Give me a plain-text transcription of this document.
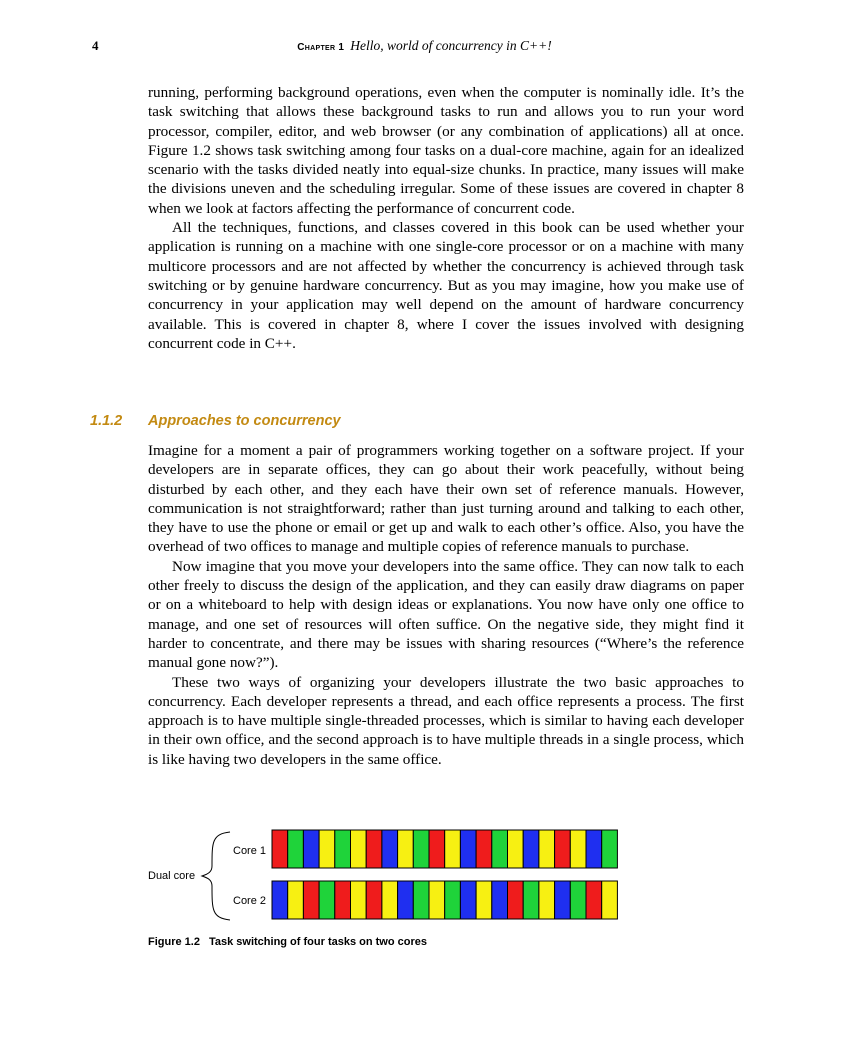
4	Chapter 1 Hello, world of concurrency in C++!

running, performing background operations, even when the computer is nominally idle. It’s the task switching that allows these background tasks to run and allows you to run your word processor, compiler, editor, and web browser (or any combination of applications) all at once. Figure 1.2 shows task switching among four tasks on a dual-core machine, again for an idealized scenario with the tasks divided neatly into equal-size chunks. In practice, many issues will make the divisions uneven and the scheduling irregular. Some of these issues are covered in chapter 8 when we look at factors affecting the performance of concurrent code.

All the techniques, functions, and classes covered in this book can be used whether your application is running on a machine with one single-core processor or on a machine with many multicore processors and are not affected by whether the concurrency is achieved through task switching or by genuine hardware concurrency. But as you may imagine, how you make use of concurrency in your application may well depend on the amount of hardware concurrency available. This is covered in chapter 8, where I cover the issues involved with designing concurrent code in C++.

1.1.2 Approaches to concurrency

Imagine for a moment a pair of programmers working together on a software project. If your developers are in separate offices, they can go about their work peacefully, without being disturbed by each other, and they each have their own set of reference manuals. However, communication is not straightforward; rather than just turning around and talking to each other, they have to use the phone or email or get up and walk to each other’s office. Also, you have the overhead of two offices to manage and multiple copies of reference manuals to purchase.

Now imagine that you move your developers into the same office. They can now talk to each other freely to discuss the design of the application, and they can easily draw diagrams on paper or on a whiteboard to help with design ideas or explanations. You now have only one office to manage, and one set of resources will often suffice. On the negative side, they might find it harder to concentrate, and there may be issues with sharing resources (“Where’s the reference manual gone now?”).

These two ways of organizing your developers illustrate the two basic approaches to concurrency. Each developer represents a thread, and each office represents a process. The first approach is to have multiple single-threaded processes, which is similar to having each developer in their own office, and the second approach is to have multiple threads in a single process, which is like having two developers in the same office.

Dual core
Core 1
Core 2
Figure 1.2 Task switching of four tasks on two cores
